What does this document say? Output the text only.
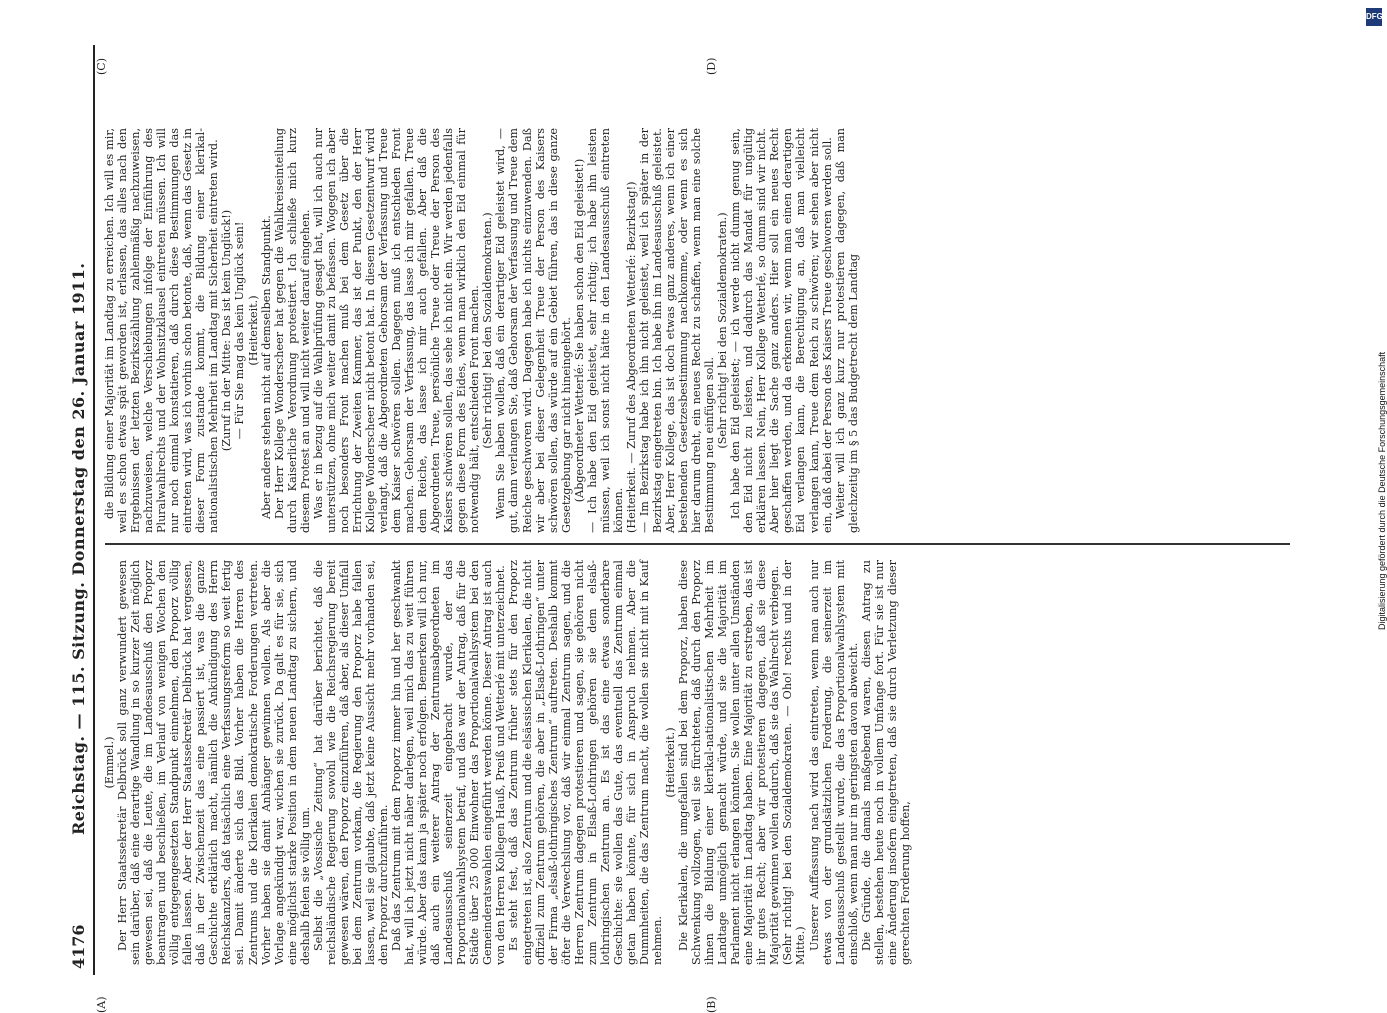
4176
Reichstag. — 115. Sitzung. Donnerstag den 26. Januar 1911.
(A)	(B)
(C)	(D)

(Emmel.) Der Herr Staatssekretär Delbrück soll ganz verwundert gewesen sein darüber, daß eine derartige Wandlung in so kurzer Zeit möglich gewesen sei, daß die Leute, die im Landesausschuß den Proporz beantragen und beschließen, im Verlauf von wenigen Wochen den völlig entgegengesetzten Standpunkt einnehmen, den Proporz völlig fallen lassen. Aber der Herr Staatssekretär Delbrück hat vergessen, daß in der Zwischenzeit das eine passiert ist, was die ganze Geschichte erklärlich macht, nämlich die Ankündigung des Herrn Reichskanzlers, daß tatsächlich eine Verfassungsreform so weit fertig sei. Damit änderte sich das Bild. Vorher haben die Herren des Zentrums und die Klerikalen demokratische Forderungen vertreten. Vorher haben sie damit Anhänger gewinnen wollen. Als aber die Vorlage angekündigt war, wichen sie zurück. Da galt es für sie, sich eine möglichst starke Position in dem neuen Landtag zu sichern, und deshalb fielen sie völlig um. Selbst die „Vossische Zeitung“ hat darüber berichtet, daß die reichsländische Regierung sowohl wie die Reichsregierung bereit gewesen wären, den Proporz einzuführen, daß aber, als dieser Umfall bei dem Zentrum vorkam, die Regierung den Proporz habe fallen lassen, weil sie glaubte, daß jetzt keine Aussicht mehr vorhanden sei, den Proporz durchzuführen. Daß das Zentrum mit dem Proporz immer hin und her geschwankt hat, will ich jetzt nicht näher darlegen, weil mich das zu weit führen würde. Aber das kann ja später noch erfolgen. Bemerken will ich nur, daß auch ein weiterer Antrag der Zentrumsabgeordneten im Landesausschuß seinerzeit eingebracht wurde, der das Proportionalwahlsystem betraf, und das war der Antrag, daß für die Städte über 25 000 Einwohner das Proportionalwahlsystem bei den Gemeinderatswahlen eingeführt werden könne. Dieser Antrag ist auch von den Herren Kollegen Hauß, Preiß und Wetterlé mit unterzeichnet. Es steht fest, daß das Zentrum früher stets für den Proporz eingetreten ist, also Zentrum und die elsässischen Klerikalen, die nicht offiziell zum Zentrum gehören, die aber in „Elsaß-Lothringen“ unter der Firma „elsaß-lothringisches Zentrum“ auftreten. Deshalb kommt öfter die Verwechslung vor, daß wir einmal Zentrum sagen, und die Herren Zentrum dagegen protestieren und sagen, sie gehören nicht zum Zentrum in Elsaß-Lothringen gehören sie dem elsaß-lothringischen Zentrum an. Es ist das eine etwas sonderbare Geschichte: sie wollen das Gute, das eventuell das Zentrum einmal getan haben könnte, für sich in Anspruch nehmen. Aber die Dummheiten, die das Zentrum macht, die wollen sie nicht mit in Kauf nehmen.

(Heiterkeit.) Die Klerikalen, die umgefallen sind bei dem Proporz, haben diese Schwenkung vollzogen, weil sie fürchteten, daß durch den Proporz ihnen die Bildung einer klerikal-nationalistischen Mehrheit im Landtage unmöglich gemacht würde, und sie die Majorität im Parlament nicht erlangen könnten. Sie wollen unter allen Umständen eine Majorität im Landtag haben. Eine Majorität zu erstreben, das ist ihr gutes Recht; aber wir protestieren dagegen, daß sie diese Majorität gewinnen wollen dadurch, daß sie das Wahlrecht verbiegen. (Sehr richtig! bei den Sozialdemokraten. — Oho! rechts und in der Mitte.) Unserer Auffassung nach wird das eintreten, wenn man auch nur etwas von der grundsätzlichen Forderung, die seinerzeit im Landesausschuß gestellt wurde, die das Proportionalwahlsystem mit einschloß, wenn man nur im geringsten davon abweicht. Die Gründe, die damals maßgebend waren, diesen Antrag zu stellen, bestehen heute noch in vollem Umfange fort. Für sie ist nur eine Änderung insofern eingetreten, daß sie durch Verletzung dieser gerechten Forderung hoffen,

die Bildung einer Majorität im Landtag zu erreichen. Ich will es mir, weil es schon etwas spät geworden ist, erlassen, das alles nach den Ergebnissen der letzten Bezirkszählung zahlenmäßig nachzuweisen, nachzuweisen, welche Verschiebungen infolge der Einführung des Pluralwahlrechts und der Wohnsitzklausel eintreten müssen. Ich will nur noch einmal konstatieren, daß durch diese Bestimmungen das eintreten wird, was ich vorhin schon betonte, daß, wenn das Gesetz in dieser Form zustande kommt, die Bildung einer klerikal-nationalistischen Mehrheit im Landtag mit Sicherheit eintreten wird. (Zuruf in der Mitte: Das ist kein Unglück!) — Für Sie mag das kein Unglück sein! (Heiterkeit.) Aber andere stehen nicht auf demselben Standpunkt. Der Herr Kollege Wonderscheer hat gegen die Wahlkreiseinteilung durch Kaiserliche Verordnung protestiert. Ich schließe mich kurz diesem Protest an und will nicht weiter darauf eingehen. Was er in bezug auf die Wahlprüfung gesagt hat, will ich auch nur unterstützen, ohne mich weiter damit zu befassen. Wogegen ich aber noch besonders Front machen muß bei dem Gesetz über die Errichtung der Zweiten Kammer, das ist der Punkt, den der Herr Kollege Wonderscheer nicht betont hat. In diesem Gesetzentwurf wird verlangt, daß die Abgeordneten Gehorsam der Verfassung und Treue dem Kaiser schwören sollen. Dagegen muß ich entschieden Front machen. Gehorsam der Verfassung, das lasse ich mir gefallen. Treue dem Reiche, das lasse ich mir auch gefallen. Aber daß die Abgeordneten Treue, persönliche Treue oder Treue der Person des Kaisers schwören sollen, das sehe ich nicht ein. Wir werden jedenfalls gegen diese Form des Eides, wenn man wirklich den Eid einmal für notwendig hält, entschieden Front machen. (Sehr richtig! bei den Sozialdemokraten.) Wenn Sie haben wollen, daß ein derartiger Eid geleistet wird, — gut, dann verlangen Sie, daß Gehorsam der Verfassung und Treue dem Reiche geschworen wird. Dagegen habe ich nichts einzuwenden. Daß wir aber bei dieser Gelegenheit Treue der Person des Kaisers schwören sollen, das würde auf ein Gebiet führen, das in diese ganze Gesetzgebung gar nicht hineingehört. (Abgeordneter Wetterlé: Sie haben schon den Eid geleistet!) — Ich habe den Eid geleistet, sehr richtig; ich habe ihn leisten müssen, weil ich sonst nicht hätte in den Landesausschuß eintreten können. (Heiterkeit. — Zuruf des Abgeordneten Wetterlé: Bezirkstag!) — Im Bezirkstag habe ich ihn nicht geleistet, weil ich später in der Bezirkstag eingetreten bin. Ich habe ihn im Landesausschuß geleistet. Aber, Herr Kollege, das ist doch etwas ganz anderes, wenn ich einer bestehenden Gesetzesbestimmung nachkomme, oder wenn es sich hier darum dreht, ein neues Recht zu schaffen, wenn man eine solche Bestimmung neu einfügen soll. (Sehr richtig! bei den Sozialdemokraten.) Ich habe den Eid geleistet; — ich werde nicht dumm genug sein, den Eid nicht zu leisten, und dadurch das Mandat für ungültig erklären lassen. Nein, Herr Kollege Wetterlé, so dumm sind wir nicht. Aber hier liegt die Sache ganz anders. Hier soll ein neues Recht geschaffen werden, und da erkennen wir, wenn man einen derartigen Eid verlangen kann, die Berechtigung an, daß man vielleicht verlangen kann, Treue dem Reich zu schwören; wir sehen aber nicht ein, daß dabei der Person des Kaisers Treue geschworen werden soll. Weiter will ich ganz kurz nur protestieren dagegen, daß man gleichzeitig im § 5 das Budgetrecht dem Landtag

DFG
Digitalisierung gefördert durch die Deutsche Forschungsgemeinschaft
